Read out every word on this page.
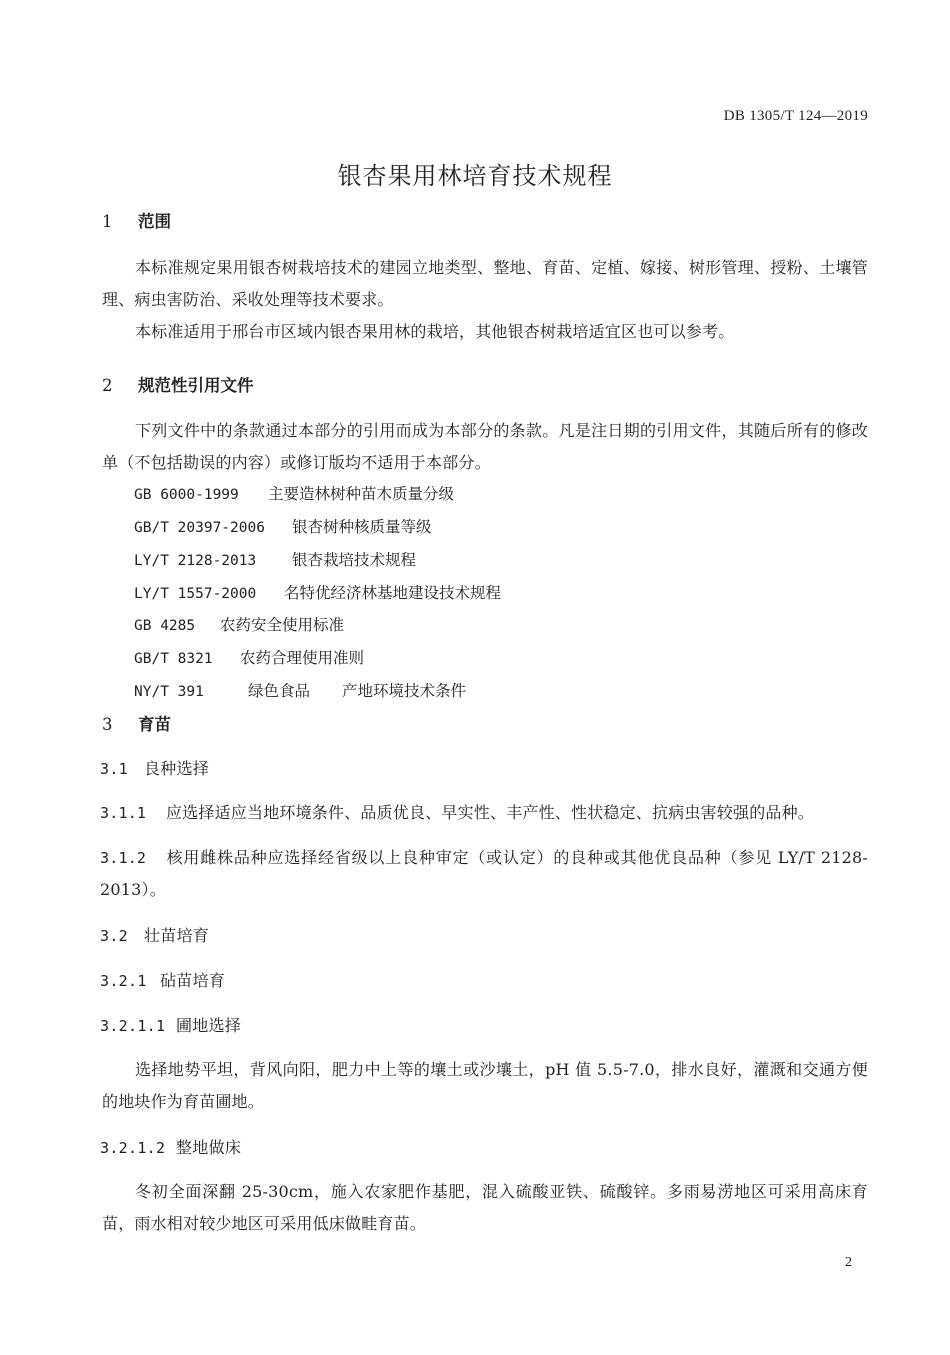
DB 1305/T 124—2019
银杏果用林培育技术规程
1 范围
本标准规定果用银杏树栽培技术的建园立地类型、整地、育苗、定植、嫁接、树形管理、授粉、土壤管理、病虫害防治、采收处理等技术要求。
本标准适用于邢台市区域内银杏果用林的栽培，其他银杏树栽培适宜区也可以参考。
2 规范性引用文件
下列文件中的条款通过本部分的引用而成为本部分的条款。凡是注日期的引用文件，其随后所有的修改单（不包括勘误的内容）或修订版均不适用于本部分。
GB 6000-1999 主要造林树种苗木质量分级
GB/T 20397-2006 银杏树种核质量等级
LY/T 2128-2013 银杏栽培技术规程
LY/T 1557-2000 名特优经济林基地建设技术规程
GB 4285 农药安全使用标准
GB/T 8321 农药合理使用准则
NY/T 391	绿色食品 产地环境技术条件
3 育苗
3.1 良种选择
3.1.1 应选择适应当地环境条件、品质优良、早实性、丰产性、性状稳定、抗病虫害较强的品种。
3.1.2 核用雌株品种应选择经省级以上良种审定（或认定）的良种或其他优良品种（参见 LY/T 2128-2013）。
3.2 壮苗培育
3.2.1 砧苗培育
3.2.1.1 圃地选择
选择地势平坦，背风向阳，肥力中上等的壤土或沙壤土，pH 值 5.5-7.0，排水良好，灌溉和交通方便的地块作为育苗圃地。
3.2.1.2 整地做床
冬初全面深翻 25-30cm，施入农家肥作基肥，混入硫酸亚铁、硫酸锌。多雨易涝地区可采用高床育苗，雨水相对较少地区可采用低床做畦育苗。
2
